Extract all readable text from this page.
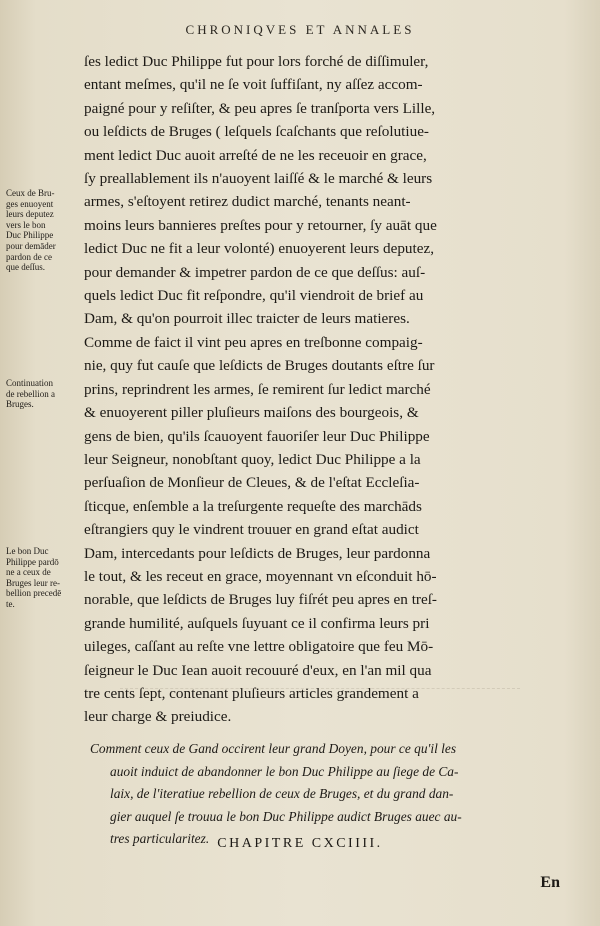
CHRONIQVES ET ANNALES
ſes ledict Duc Philippe fut pour lors forché de diſſimuler,
entant meſmes, qu'il ne ſe voit ſuffiſant, ny aſſez accom-
paigné pour y reſiſter, & peu apres ſe tranſporta vers Lille,
ou leſdicts de Bruges ( leſquels ſcaſchants que reſolutiue-
ment ledict Duc auoit arreſté de ne les receuoir en grace,
ſy preallablement ils n'auoyent laiſſé & le marché & leurs
armes, s'eſtoyent retirez dudict marché, tenants neant-
moins leurs bannieres preſtes pour y retourner, ſy auāt que
ledict Duc ne fit a leur volonté) enuoyerent leurs deputez,
pour demander & impetrer pardon de ce que deſſus: auſ-
quels ledict Duc fit reſpondre, qu'il viendroit de brief au
Dam, & qu'on pourroit illec traicter de leurs matieres.
Comme de faict il vint peu apres en treſbonne compaig-
nie, quy fut cauſe que leſdicts de Bruges doutants eſtre ſur
prins, reprindrent les armes, ſe remirent ſur ledict marché
& enuoyerent piller pluſieurs maiſons des bourgeois, &
gens de bien, qu'ils ſcauoyent fauoriſer leur Duc Philippe
leur Seigneur, nonobſtant quoy, ledict Duc Philippe a la
perſuaſion de Monſieur de Cleues, & de l'eſtat Eccleſia-
ſticque, enſemble a la treſurgente requeſte des marchāds
eſtrangiers quy le vindrent trouuer en grand eſtat audict
Dam, intercedants pour leſdicts de Bruges, leur pardonna
le tout, & les receut en grace, moyennant vn eſconduit hō-
norable, que leſdicts de Bruges luy fiſrét peu apres en treſ-
grande humilité, auſquels ſuyuant ce il confirma leurs pri
uileges, caſſant au reſte vne lettre obligatoire que feu Mō-
ſeigneur le Duc Iean auoit recouuré d'eux, en l'an mil qua
tre cents ſept, contenant pluſieurs articles grandement a
leur charge & preiudice.
Ceux de Bru-
ges enuoyent
leurs deputez
vers le bon
Duc Philippe
pour demāder
pardon de ce
que deſſus.
Continuation
de rebellion a
Bruges.
Le bon Duc
Philippe pardō
ne a ceux de
Bruges leur re-
bellion precedē
te.
Comment ceux de Gand occirent leur grand Doyen, pour ce qu'il les
auoit induict de abandonner le bon Duc Philippe au ſiege de Ca-
laix, de l'iteratiue rebellion de ceux de Bruges, et du grand dan-
gier auquel ſe trouua le bon Duc Philippe audict Bruges auec au-
tres particularitez. CHAPITRE CXCIIII.
En
